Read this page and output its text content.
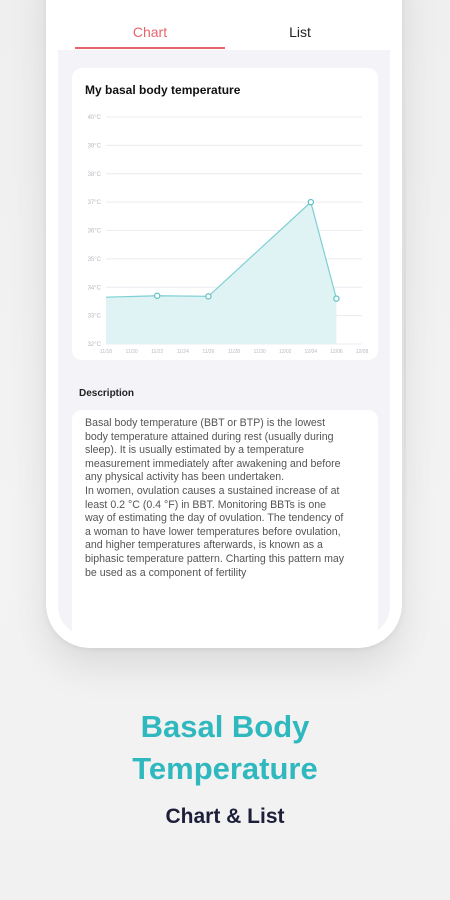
Chart	List
My basal body temperature
40°C
39°C
38°C
37°C
36°C
35°C
34°C
33°C
32°C
11/18	11/20	11/22	11/24	11/26	11/28	11/30	12/02	12/04	12/06	12/08
Description
Basal body temperature (BBT or BTP) is the lowest body temperature attained during rest (usually during sleep). It is usually estimated by a temperature measurement immediately after awakening and before any physical activity has been undertaken.
In women, ovulation causes a sustained increase of at least 0.2 °C (0.4 °F) in BBT. Monitoring BBTs is one way of estimating the day of ovulation. The tendency of a woman to have lower temperatures before ovulation, and higher temperatures afterwards, is known as a biphasic temperature pattern. Charting this pattern may be used as a component of fertility
Basal Body
Temperature
Chart & List
